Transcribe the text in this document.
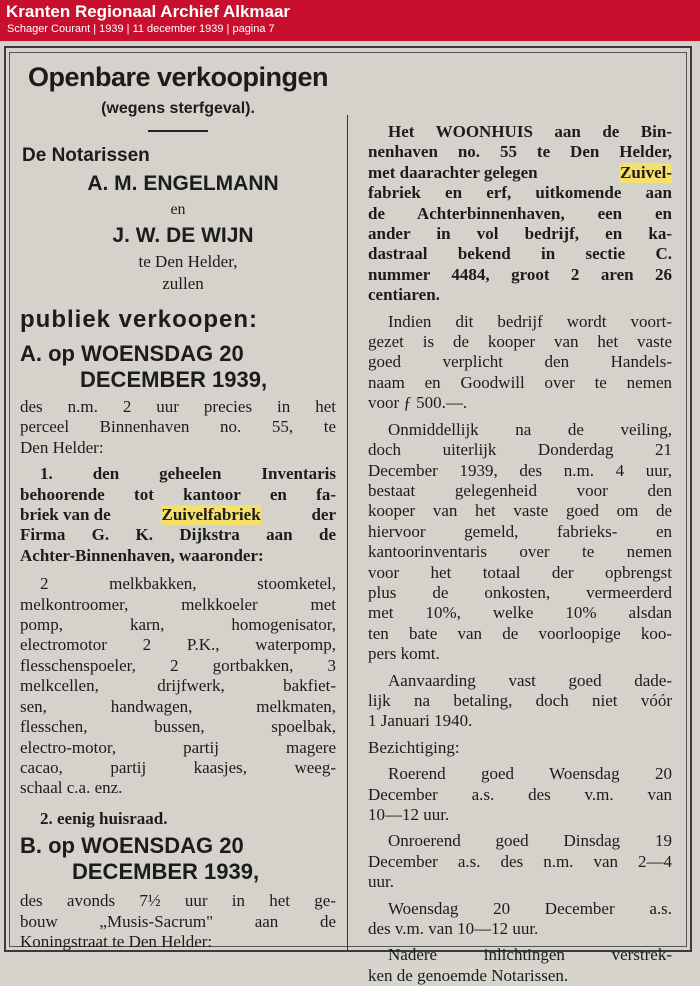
Kranten Regionaal Archief Alkmaar
Schager Courant | 1939 | 11 december 1939 | pagina 7
Openbare verkoopingen
(wegens sterfgeval).
De Notarissen
A. M. ENGELMANN
en
J. W. DE WIJN
te Den Helder,
zullen
publiek verkoopen:
A. op WOENSDAG 20
DECEMBER 1939,
des n.m. 2 uur precies in het
perceel Binnenhaven no. 55, te
Den Helder:
1. den geheelen Inventaris
behoorende tot kantoor en fa-
briek van de	Zuivelfabriek	der
Firma G. K. Dijkstra aan de
Achter-Binnenhaven, waaronder:
2 melkbakken, stoomketel,
melkontroomer, melkkoeler met
pomp, karn, homogenisator,
electromotor 2 P.K., waterpomp,
flesschenspoeler, 2 gortbakken, 3
melkcellen, drijfwerk, bakfiet-
sen, handwagen, melkmaten,
flesschen, bussen, spoelbak,
electro-motor, partij magere
cacao, partij kaasjes, weeg-
schaal c.a. enz.
2. eenig huisraad.
B. op WOENSDAG 20
DECEMBER 1939,
des avonds 7½ uur in het ge-
bouw „Musis-Sacrum" aan de
Koningstraat te Den Helder:
Het WOONHUIS aan de Bin-
nenhaven no. 55 te Den Helder,
met daarachter gelegen	Zuivel-
fabriek en erf, uitkomende aan
de Achterbinnenhaven, een en
ander in vol bedrijf, en ka-
dastraal bekend in sectie C.
nummer 4484, groot 2 aren 26
centiaren.
Indien dit bedrijf wordt voort-
gezet is de kooper van het vaste
goed verplicht den Handels-
naam en Goodwill over te nemen
voor ƒ 500.—.
Onmiddellijk na de veiling,
doch uiterlijk Donderdag 21
December 1939, des n.m. 4 uur,
bestaat gelegenheid voor den
kooper van het vaste goed om de
hiervoor gemeld, fabrieks- en
kantoorinventaris over te nemen
voor het totaal der opbrengst
plus de onkosten, vermeerderd
met 10%, welke 10% alsdan
ten bate van de voorloopige koo-
pers komt.
Aanvaarding vast goed dade-
lijk na betaling, doch niet vóór
1 Januari 1940.
Bezichtiging:
Roerend goed Woensdag 20
December a.s. des v.m. van
10—12 uur.
Onroerend goed Dinsdag 19
December a.s. des n.m. van 2—4
uur.
Woensdag 20 December a.s.
des v.m. van 10—12 uur.
Nadere inlichtingen verstrek-
ken de genoemde Notarissen.
